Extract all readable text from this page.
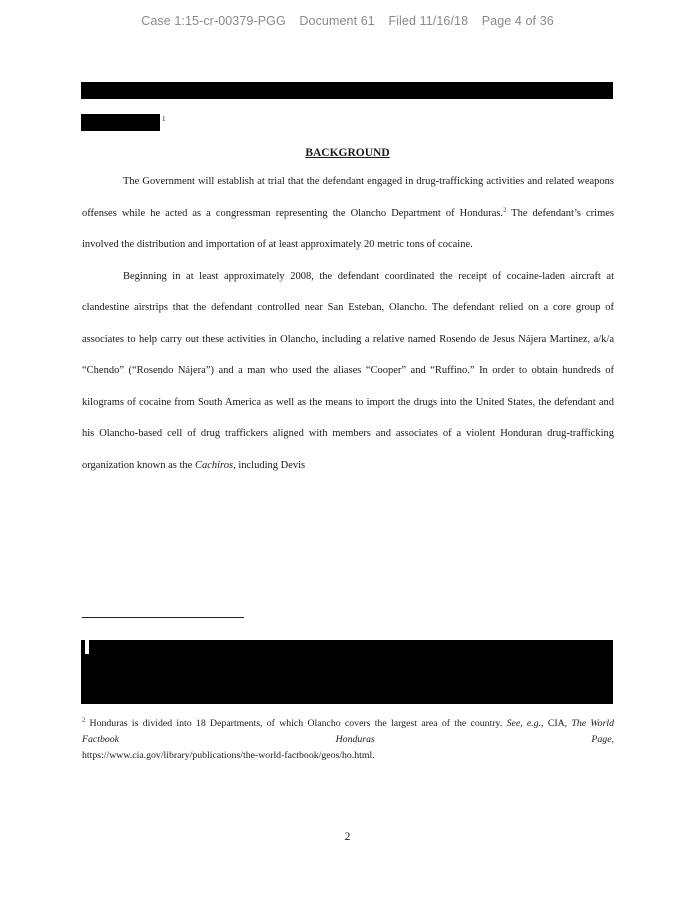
Case 1:15-cr-00379-PGG Document 61 Filed 11/16/18 Page 4 of 36
1
BACKGROUND

The Government will establish at trial that the defendant engaged in drug-trafficking activities and related weapons offenses while he acted as a congressman representing the Olancho Department of Honduras.$^2$ The defendant’s crimes involved the distribution and importation of at least approximately 20 metric tons of cocaine.

Beginning in at least approximately 2008, the defendant coordinated the receipt of cocaine-laden aircraft at clandestine airstrips that the defendant controlled near San Esteban, Olancho. The defendant relied on a core group of associates to help carry out these activities in Olancho, including a relative named Rosendo de Jesus Nájera Martinez, a/k/a “Chendo” (“Rosendo Nájera”) and a man who used the aliases “Cooper” and “Ruffino.” In order to obtain hundreds of kilograms of cocaine from South America as well as the means to import the drugs into the United States, the defendant and his Olancho-based cell of drug traffickers aligned with members and associates of a violent Honduran drug-trafficking organization known as the Cachiros, including Devis

$^2$ Honduras is divided into 18 Departments, of which Olancho covers the largest area of the country. See, e.g., CIA, The World Factbook Honduras Page,
https://www.cia.gov/library/publications/the-world-factbook/geos/ho.html.
2
